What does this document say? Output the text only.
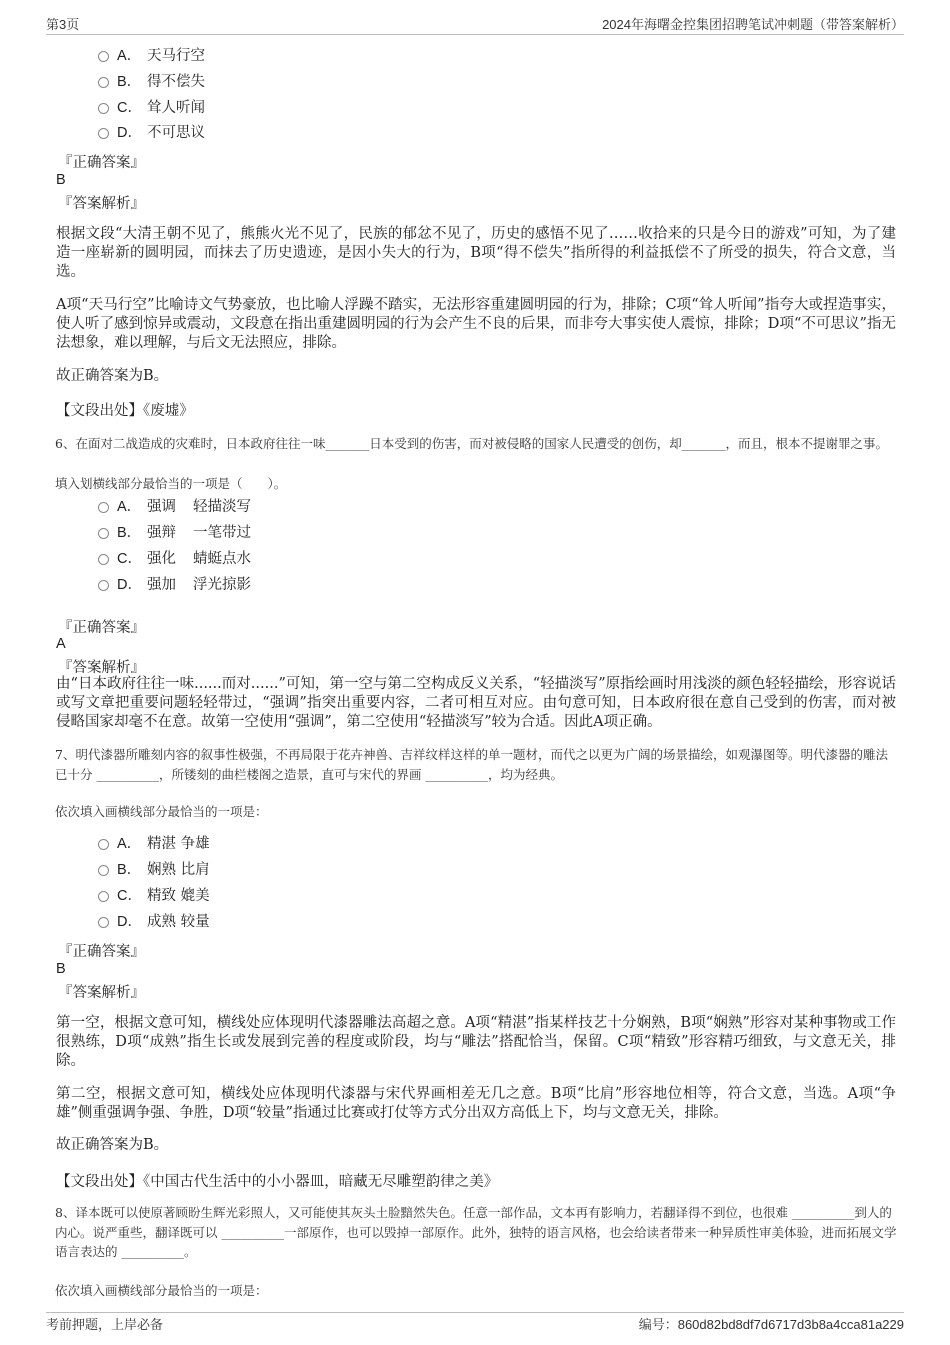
第3页	2024年海曙金控集团招聘笔试冲刺题（带答案解析）
A． 天马行空
B． 得不偿失
C． 耸人听闻
D． 不可思议
『正确答案』
B
『答案解析』
根据文段“大清王朝不见了，熊熊火光不见了，民族的郁忿不见了，历史的感悟不见了……收拾来的只是今日的游戏”可知，为了建造一座崭新的圆明园，而抹去了历史遗迹，是因小失大的行为，B项“得不偿失”指所得的利益抵偿不了所受的损失，符合文意，当选。
A项“天马行空”比喻诗文气势豪放，也比喻人浮躁不踏实，无法形容重建圆明园的行为，排除；C项“耸人听闻”指夸大或捏造事实，使人听了感到惊异或震动，文段意在指出重建圆明园的行为会产生不良的后果，而非夸大事实使人震惊，排除；D项“不可思议”指无法想象，难以理解，与后文无法照应，排除。
故正确答案为B。
【文段出处】《废墟》
6、在面对二战造成的灾难时，日本政府往往一味_______日本受到的伤害，而对被侵略的国家人民遭受的创伤，却_______，而且，根本不提谢罪之事。
填入划横线部分最恰当的一项是（　　）。
A． 强调 轻描淡写
B． 强辩 一笔带过
C． 强化 蜻蜓点水
D． 强加 浮光掠影
『正确答案』
A
『答案解析』
由“日本政府往往一味......而对......”可知，第一空与第二空构成反义关系，“轻描淡写”原指绘画时用浅淡的颜色轻轻描绘，形容说话或写文章把重要问题轻轻带过，“强调”指突出重要内容，二者可相互对应。由句意可知，日本政府很在意自己受到的伤害，而对被侵略国家却毫不在意。故第一空使用“强调”，第二空使用“轻描淡写”较为合适。因此A项正确。
7、明代漆器所雕刻内容的叙事性极强，不再局限于花卉神兽、吉祥纹样这样的单一题材，而代之以更为广阔的场景描绘，如观瀑图等。明代漆器的雕法已十分 __________，所镂刻的曲栏楼阁之造景，直可与宋代的界画 __________，均为经典。
依次填入画横线部分最恰当的一项是：
A． 精湛 争雄
B． 娴熟 比肩
C． 精致 媲美
D． 成熟 较量
『正确答案』
B
『答案解析』
第一空，根据文意可知，横线处应体现明代漆器雕法高超之意。A项“精湛”指某样技艺十分娴熟，B项“娴熟”形容对某种事物或工作很熟练，D项“成熟”指生长或发展到完善的程度或阶段，均与“雕法”搭配恰当，保留。C项“精致”形容精巧细致，与文意无关，排除。
第二空，根据文意可知，横线处应体现明代漆器与宋代界画相差无几之意。B项“比肩”形容地位相等，符合文意，当选。A项“争雄”侧重强调争强、争胜，D项“较量”指通过比赛或打仗等方式分出双方高低上下，均与文意无关，排除。
故正确答案为B。
【文段出处】《中国古代生活中的小小器皿，暗藏无尽雕塑韵律之美》
8、译本既可以使原著顾盼生辉光彩照人，又可能使其灰头土脸黯然失色。任意一部作品，文本再有影响力，若翻译得不到位，也很难 __________到人的内心。说严重些，翻译既可以 __________一部原作，也可以毁掉一部原作。此外，独特的语言风格，也会给读者带来一种异质性审美体验，进而拓展文学语言表达的 __________。
依次填入画横线部分最恰当的一项是：
考前押题，上岸必备	编号：860d82bd8df7d6717d3b8a4cca81a229
